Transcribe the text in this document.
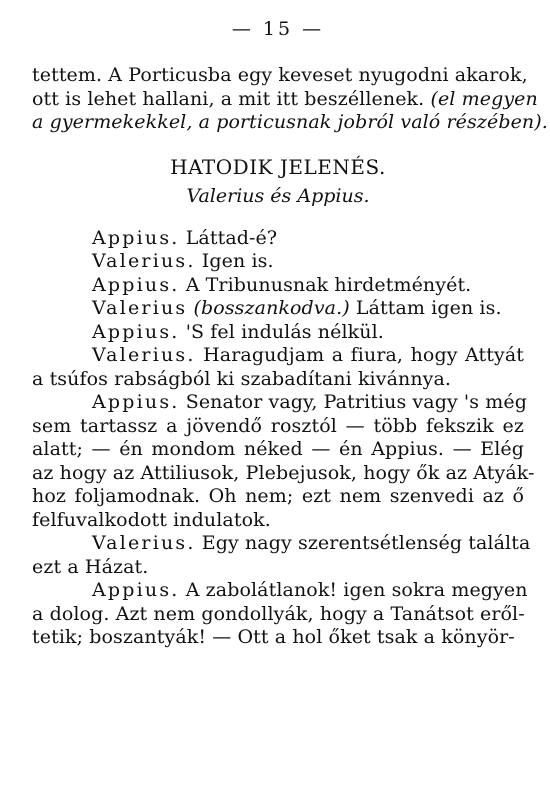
— 15 —
tettem. A Porticusba egy keveset nyugodni akarok,
ott is lehet hallani, a mit itt beszéllenek. (el megyen
a gyermekekkel, a porticusnak jobról való részében).
HATODIK JELENÉS.
Valerius és Appius.
Appius. Láttad-é?
Valerius. Igen is.
Appius. A Tribunusnak hirdetményét.
Valerius (bosszankodva.) Láttam igen is.
Appius. 'S fel indulás nélkül.
Valerius. Haragudjam a fiura, hogy Attyát
a tsúfos rabságból ki szabadítani kivánnya.
Appius. Senator vagy, Patritius vagy 's még
sem tartassz a jövendő rosztól — több fekszik ez
alatt; — én mondom néked — én Appius. — Elég
az hogy az Attiliusok, Plebejusok, hogy ők az Atyák-
hoz foljamodnak. Oh nem; ezt nem szenvedi az ő
felfuvalkodott indulatok.
Valerius. Egy nagy szerentsétlenség találta
ezt a Házat.
Appius. A zabolátlanok! igen sokra megyen
a dolog. Azt nem gondollyák, hogy a Tanátsot eről-
tetik; boszantyák! — Ott a hol őket tsak a könyör-
